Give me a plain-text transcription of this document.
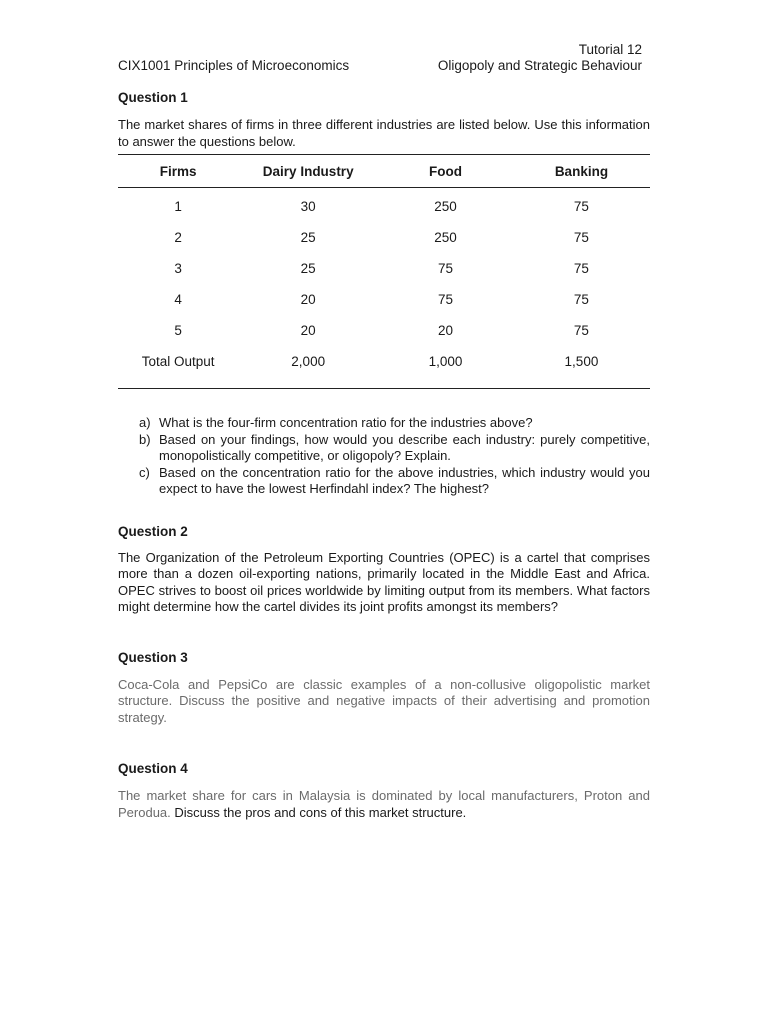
Tutorial 12
CIX1001 Principles of Microeconomics	Oligopoly and Strategic Behaviour
Question 1
The market shares of firms in three different industries are listed below. Use this information to answer the questions below.
Firms	Dairy Industry	Food	Banking
1	30	250	75
2	25	250	75
3	25	75	75
4	20	75	75
5	20	20	75
Total Output	2,000	1,000	1,500
a) What is the four-firm concentration ratio for the industries above?
b) Based on your findings, how would you describe each industry: purely competitive, monopolistically competitive, or oligopoly? Explain.
c) Based on the concentration ratio for the above industries, which industry would you expect to have the lowest Herfindahl index? The highest?
Question 2
The Organization of the Petroleum Exporting Countries (OPEC) is a cartel that comprises more than a dozen oil-exporting nations, primarily located in the Middle East and Africa. OPEC strives to boost oil prices worldwide by limiting output from its members. What factors might determine how the cartel divides its joint profits amongst its members?
Question 3
Coca-Cola and PepsiCo are classic examples of a non-collusive oligopolistic market structure. Discuss the positive and negative impacts of their advertising and promotion strategy.
Question 4
The market share for cars in Malaysia is dominated by local manufacturers, Proton and Perodua. Discuss the pros and cons of this market structure.
